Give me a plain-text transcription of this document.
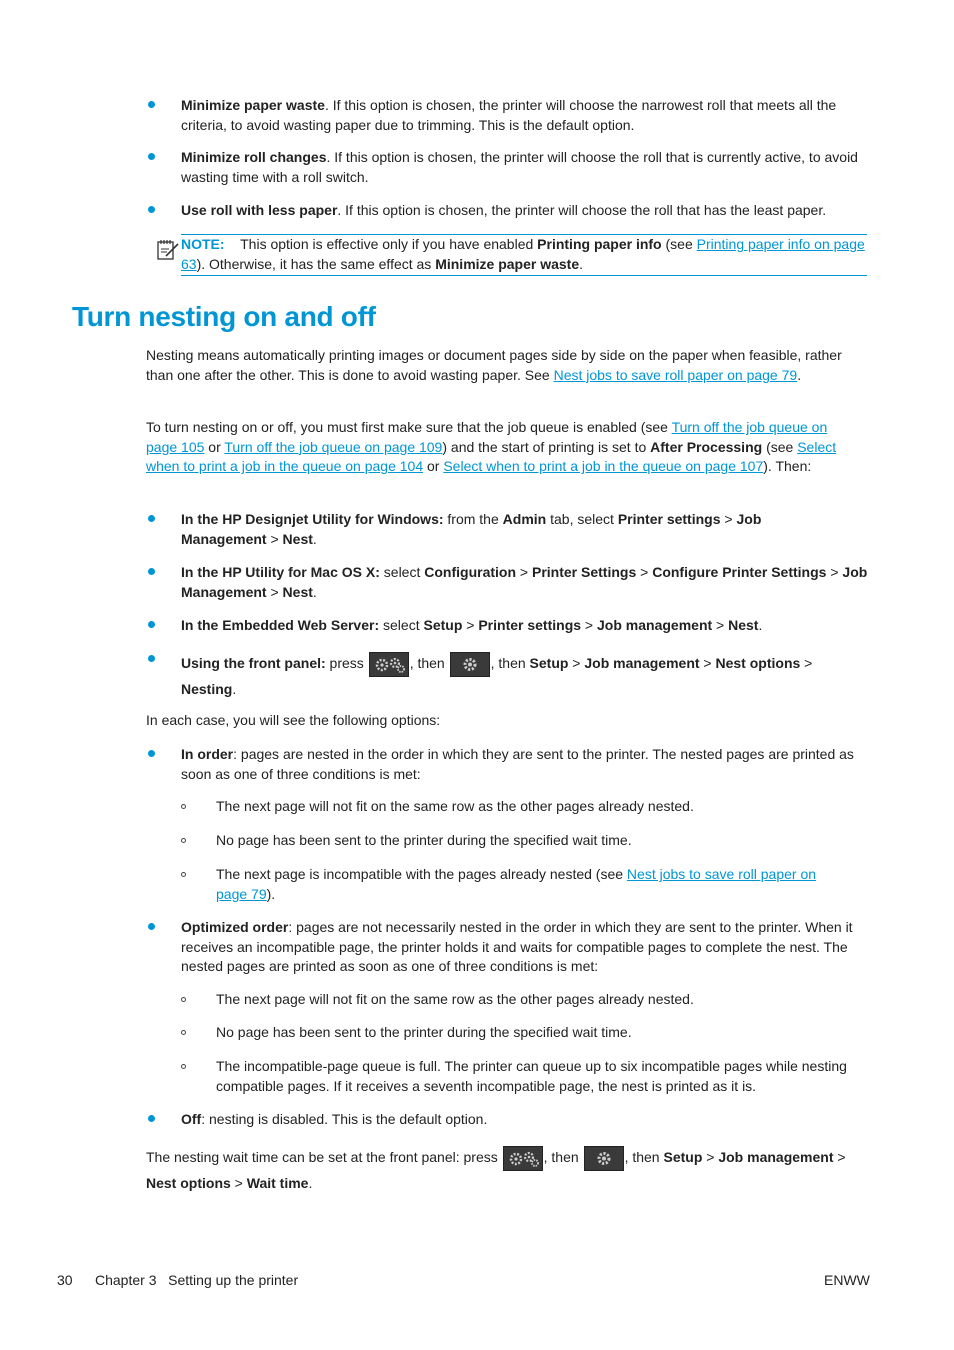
Minimize paper waste. If this option is chosen, the printer will choose the narrowest roll that meets all the criteria, to avoid wasting paper due to trimming. This is the default option.
Minimize roll changes. If this option is chosen, the printer will choose the roll that is currently active, to avoid wasting time with a roll switch.
Use roll with less paper. If this option is chosen, the printer will choose the roll that has the least paper.
NOTE: This option is effective only if you have enabled Printing paper info (see Printing paper info on page 63). Otherwise, it has the same effect as Minimize paper waste.
Turn nesting on and off
Nesting means automatically printing images or document pages side by side on the paper when feasible, rather than one after the other. This is done to avoid wasting paper. See Nest jobs to save roll paper on page 79.
To turn nesting on or off, you must first make sure that the job queue is enabled (see Turn off the job queue on page 105 or Turn off the job queue on page 109) and the start of printing is set to After Processing (see Select when to print a job in the queue on page 104 or Select when to print a job in the queue on page 107). Then:
In the HP Designjet Utility for Windows: from the Admin tab, select Printer settings > Job Management > Nest.
In the HP Utility for Mac OS X: select Configuration > Printer Settings > Configure Printer Settings > Job Management > Nest.
In the Embedded Web Server: select Setup > Printer settings > Job management > Nest.
Using the front panel: press	, then	, then Setup > Job management > Nest options > Nesting.
In each case, you will see the following options:
In order: pages are nested in the order in which they are sent to the printer. The nested pages are printed as soon as one of three conditions is met:
The next page will not fit on the same row as the other pages already nested.
No page has been sent to the printer during the specified wait time.
The next page is incompatible with the pages already nested (see Nest jobs to save roll paper on page 79).
Optimized order: pages are not necessarily nested in the order in which they are sent to the printer. When it receives an incompatible page, the printer holds it and waits for compatible pages to complete the nest. The nested pages are printed as soon as one of three conditions is met:
The next page will not fit on the same row as the other pages already nested.
No page has been sent to the printer during the specified wait time.
The incompatible-page queue is full. The printer can queue up to six incompatible pages while nesting compatible pages. If it receives a seventh incompatible page, the nest is printed as it is.
Off: nesting is disabled. This is the default option.
The nesting wait time can be set at the front panel: press	, then	, then Setup > Job management > Nest options > Wait time.
30 Chapter 3   Setting up the printer	ENWW
